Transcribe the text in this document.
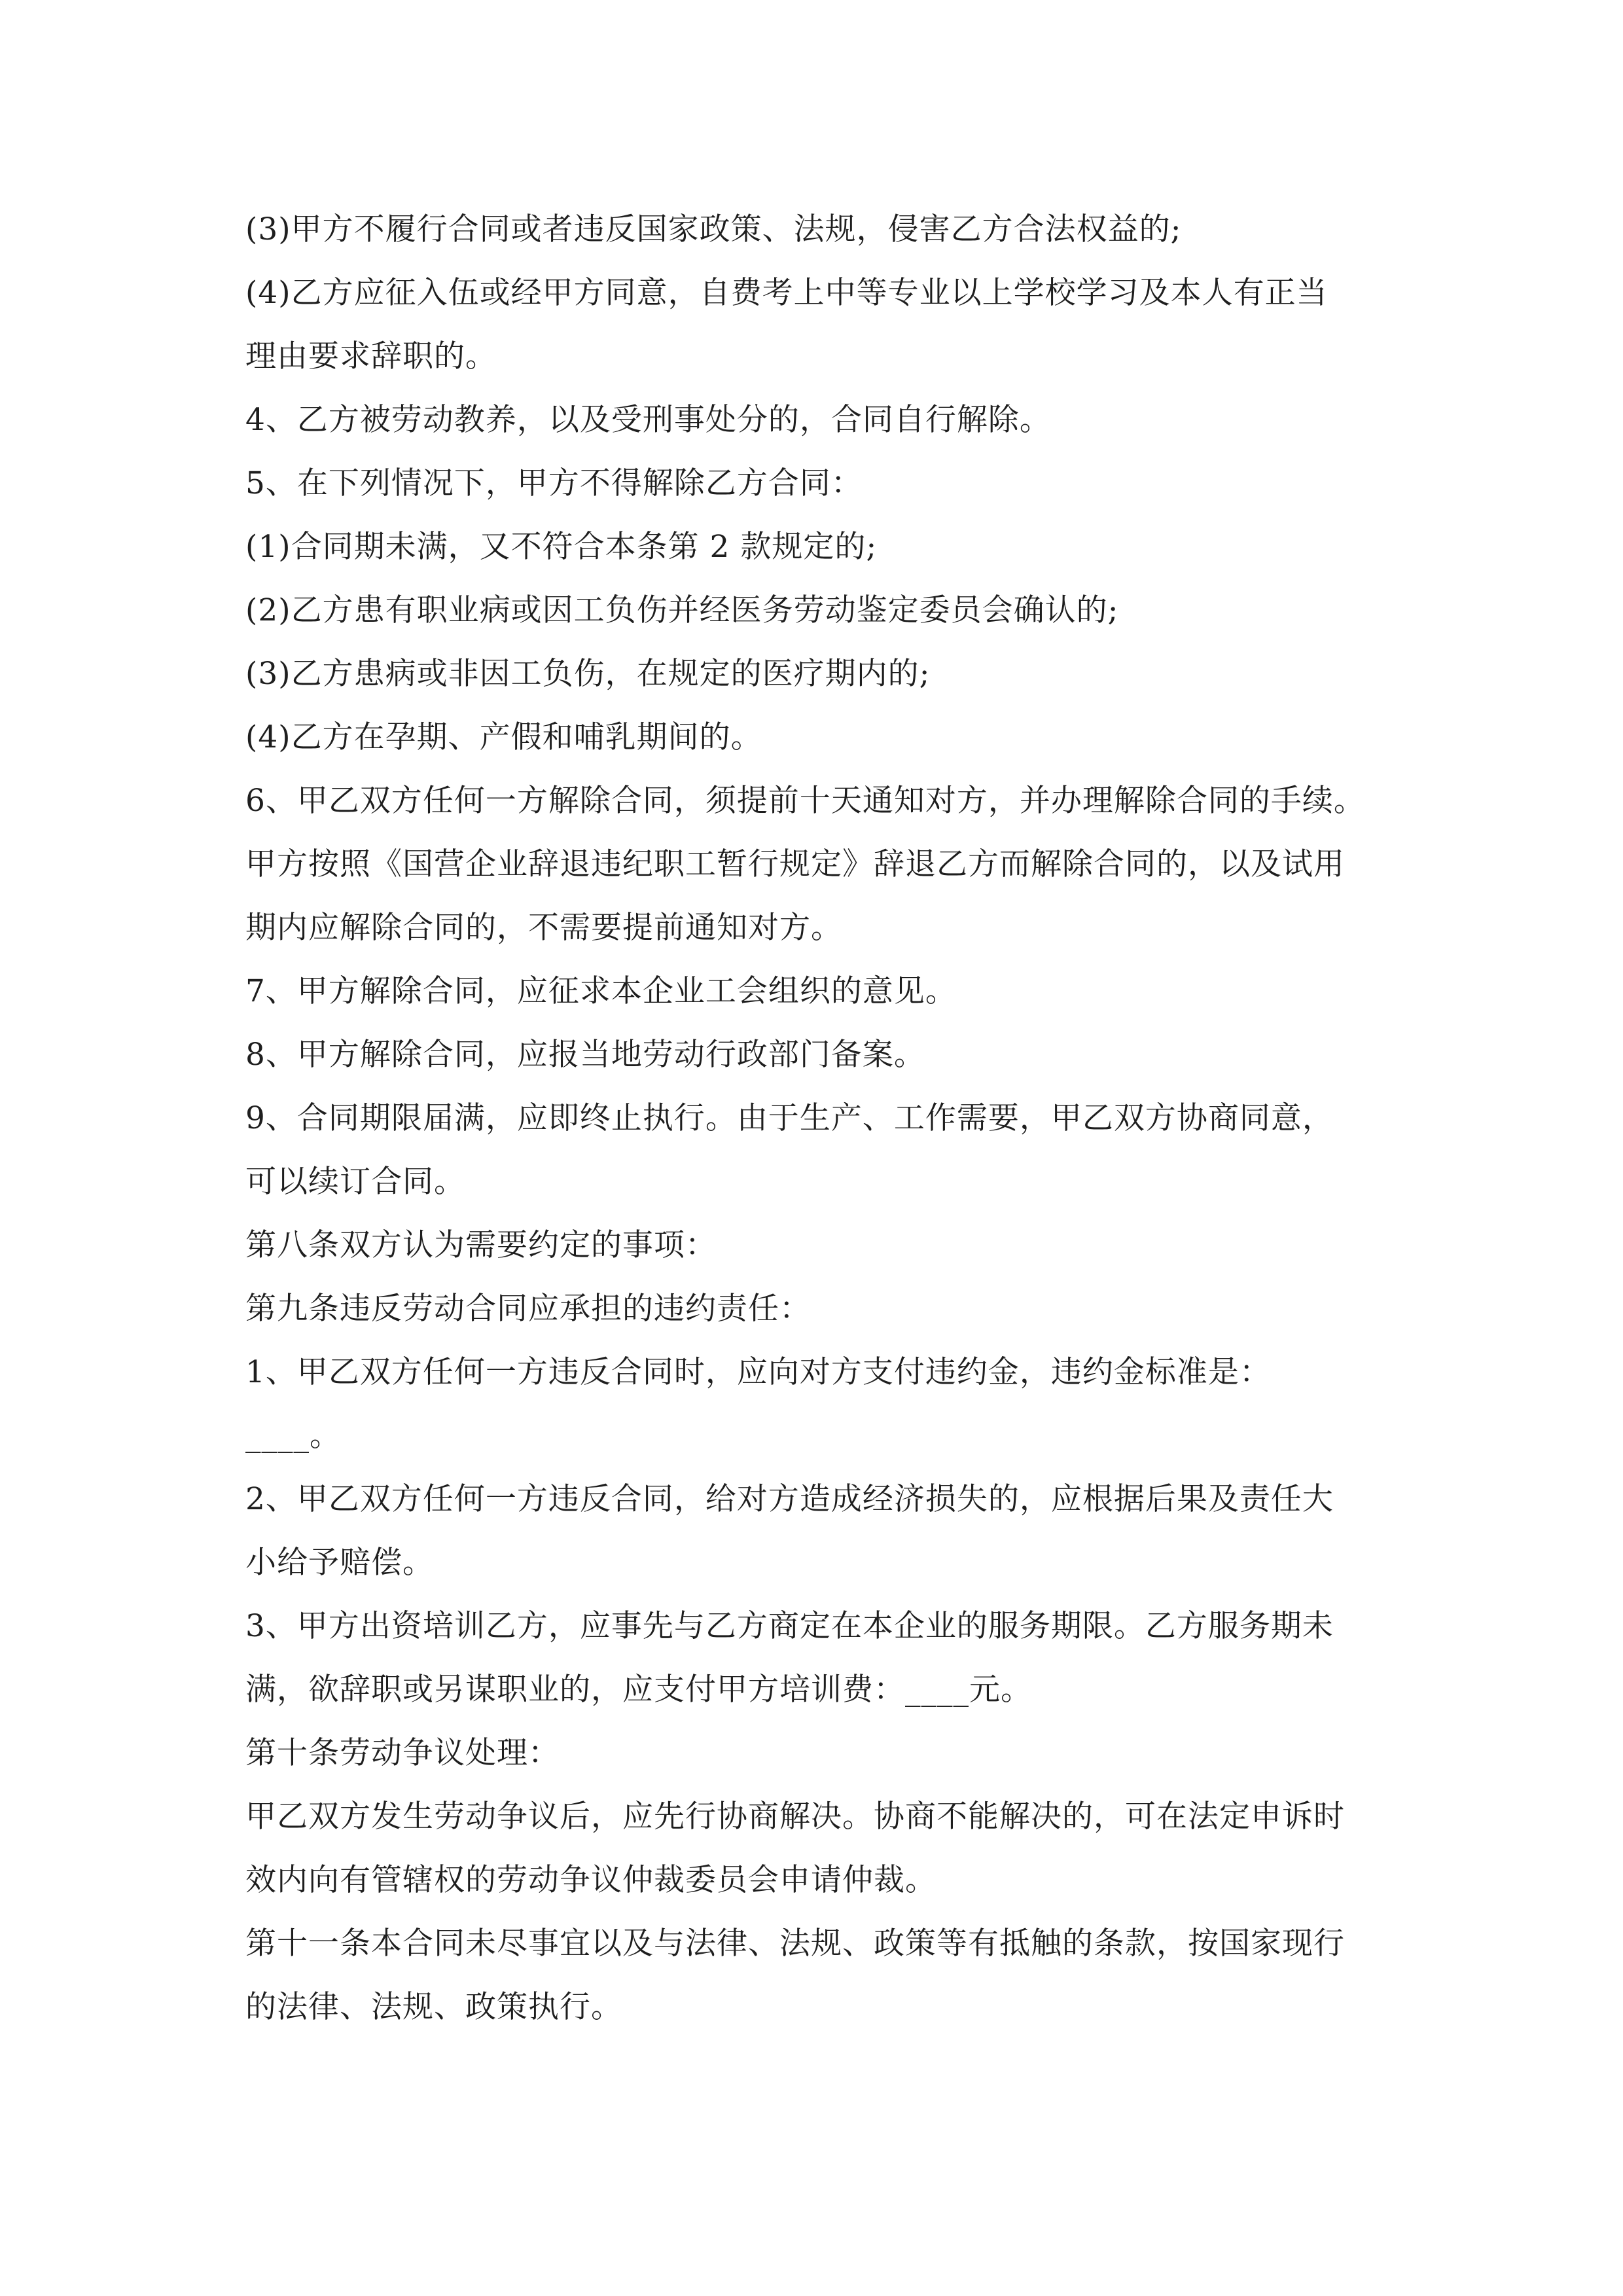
(3)甲方不履行合同或者违反国家政策、法规，侵害乙方合法权益的;
(4)乙方应征入伍或经甲方同意，自费考上中等专业以上学校学习及本人有正当
理由要求辞职的。
4、乙方被劳动教养，以及受刑事处分的，合同自行解除。
5、在下列情况下，甲方不得解除乙方合同：
(1)合同期未满，又不符合本条第 2 款规定的;
(2)乙方患有职业病或因工负伤并经医务劳动鉴定委员会确认的;
(3)乙方患病或非因工负伤，在规定的医疗期内的;
(4)乙方在孕期、产假和哺乳期间的。
6、甲乙双方任何一方解除合同，须提前十天通知对方，并办理解除合同的手续。
甲方按照《国营企业辞退违纪职工暂行规定》辞退乙方而解除合同的，以及试用
期内应解除合同的，不需要提前通知对方。
7、甲方解除合同，应征求本企业工会组织的意见。
8、甲方解除合同，应报当地劳动行政部门备案。
9、合同期限届满，应即终止执行。由于生产、工作需要，甲乙双方协商同意，
可以续订合同。
第八条双方认为需要约定的事项：
第九条违反劳动合同应承担的违约责任：
1、甲乙双方任何一方违反合同时，应向对方支付违约金，违约金标准是：
____。
2、甲乙双方任何一方违反合同，给对方造成经济损失的，应根据后果及责任大
小给予赔偿。
3、甲方出资培训乙方，应事先与乙方商定在本企业的服务期限。乙方服务期未
满，欲辞职或另谋职业的，应支付甲方培训费：____元。
第十条劳动争议处理：
甲乙双方发生劳动争议后，应先行协商解决。协商不能解决的，可在法定申诉时
效内向有管辖权的劳动争议仲裁委员会申请仲裁。
第十一条本合同未尽事宜以及与法律、法规、政策等有抵触的条款，按国家现行
的法律、法规、政策执行。
